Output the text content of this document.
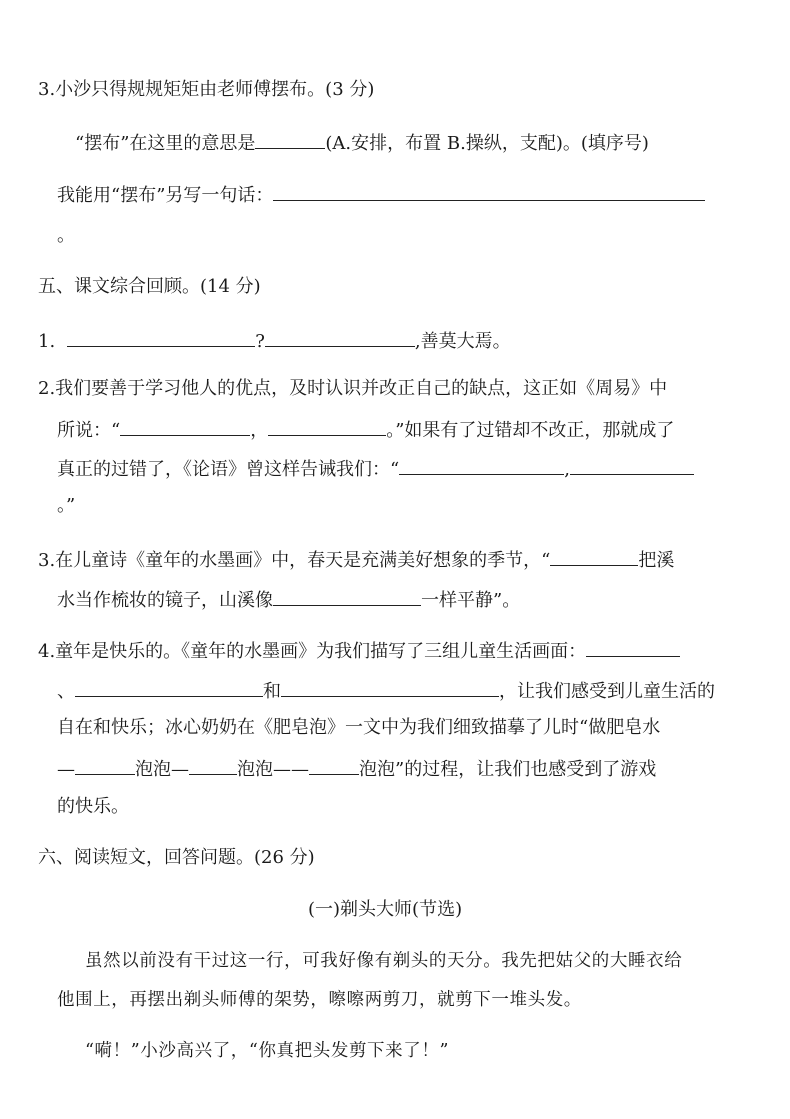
3.小沙只得规规矩矩由老师傅摆布。(3 分)
“摆布”在这里的意思是	(A.安排，布置 B.操纵，支配)。(填序号)
我能用“摆布”另写一句话：
。
五、课文综合回顾。(14 分)
1.	?	,善莫大焉。
2.我们要善于学习他人的优点，及时认识并改正自己的缺点，这正如《周易》中
所说：“	，	。”如果有了过错却不改正，那就成了
真正的过错了，《论语》曾这样告诫我们：“	,
。”
3.在儿童诗《童年的水墨画》中，春天是充满美好想象的季节，“	把溪
水当作梳妆的镜子，山溪像	一样平静”。
4.童年是快乐的。《童年的水墨画》为我们描写了三组儿童生活画面：
、	和	，让我们感受到儿童生活的
自在和快乐；冰心奶奶在《肥皂泡》一文中为我们细致描摹了儿时“做肥皂水
—	泡泡—	泡泡——	泡泡”的过程，让我们也感受到了游戏
的快乐。
六、阅读短文，回答问题。(26 分)
(一)剃头大师(节选)
虽然以前没有干过这一行，可我好像有剃头的天分。我先把姑父的大睡衣给
他围上，再摆出剃头师傅的架势，嚓嚓两剪刀，就剪下一堆头发。
“嗬！”小沙高兴了，“你真把头发剪下来了！”
